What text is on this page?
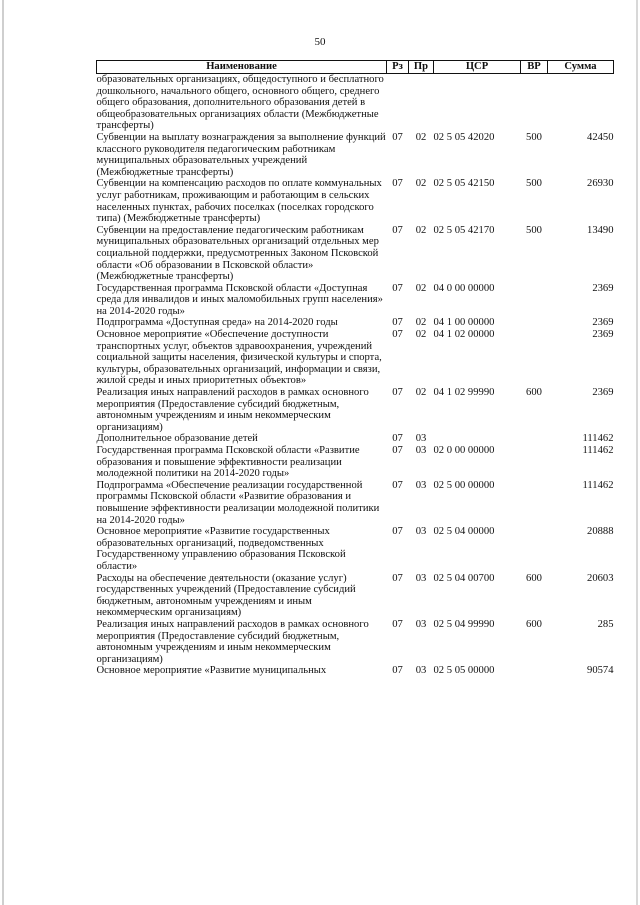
50
Наименование	Рз	Пр	ЦСР	ВР	Сумма
образовательных организациях, общедоступного и бесплатного дошкольного, начального общего, основного общего, среднего общего образования, дополнительного образования детей в общеобразовательных организациях области (Межбюджетные трансферты)					
Субвенции на выплату вознаграждения за выполнение функций классного руководителя педагогическим работникам муниципальных образовательных учреждений (Межбюджетные трансферты)	07	02	02 5 05 42020	500	42450
Субвенции на компенсацию расходов по оплате коммунальных услуг работникам, проживающим и работающим в сельских населенных пунктах, рабочих поселках (поселках городского типа) (Межбюджетные трансферты)	07	02	02 5 05 42150	500	26930
Субвенции на предоставление педагогическим работникам муниципальных образовательных организаций отдельных мер социальной поддержки, предусмотренных Законом Псковской области «Об образовании в Псковской области» (Межбюджетные трансферты)	07	02	02 5 05 42170	500	13490
Государственная программа Псковской области «Доступная среда для инвалидов и иных маломобильных групп населения» на 2014-2020 годы»	07	02	04 0 00 00000		2369
Подпрограмма «Доступная среда» на 2014-2020 годы	07	02	04 1 00 00000		2369
Основное мероприятие «Обеспечение доступности транспортных услуг, объектов здравоохранения, учреждений социальной защиты населения, физической культуры и спорта, культуры, образовательных организаций, информации и связи, жилой среды и иных приоритетных объектов»	07	02	04 1 02 00000		2369
Реализация иных направлений расходов в рамках основного мероприятия (Предоставление субсидий бюджетным, автономным учреждениям и иным некоммерческим организациям)	07	02	04 1 02 99990	600	2369
Дополнительное образование детей	07	03			111462
Государственная программа Псковской области «Развитие образования и повышение эффективности реализации молодежной политики на 2014-2020 годы»	07	03	02 0 00 00000		111462
Подпрограмма «Обеспечение реализации государственной программы Псковской области «Развитие образования и повышение эффективности реализации молодежной политики на 2014-2020 годы»	07	03	02 5 00 00000		111462
Основное мероприятие «Развитие государственных образовательных организаций, подведомственных Государственному управлению образования Псковской области»	07	03	02 5 04 00000		20888
Расходы на обеспечение деятельности (оказание услуг) государственных учреждений (Предоставление субсидий бюджетным, автономным учреждениям и иным некоммерческим организациям)	07	03	02 5 04 00700	600	20603
Реализация иных направлений расходов в рамках основного мероприятия (Предоставление субсидий бюджетным, автономным учреждениям и иным некоммерческим организациям)	07	03	02 5 04 99990	600	285
Основное мероприятие «Развитие муниципальных	07	03	02 5 05 00000		90574
